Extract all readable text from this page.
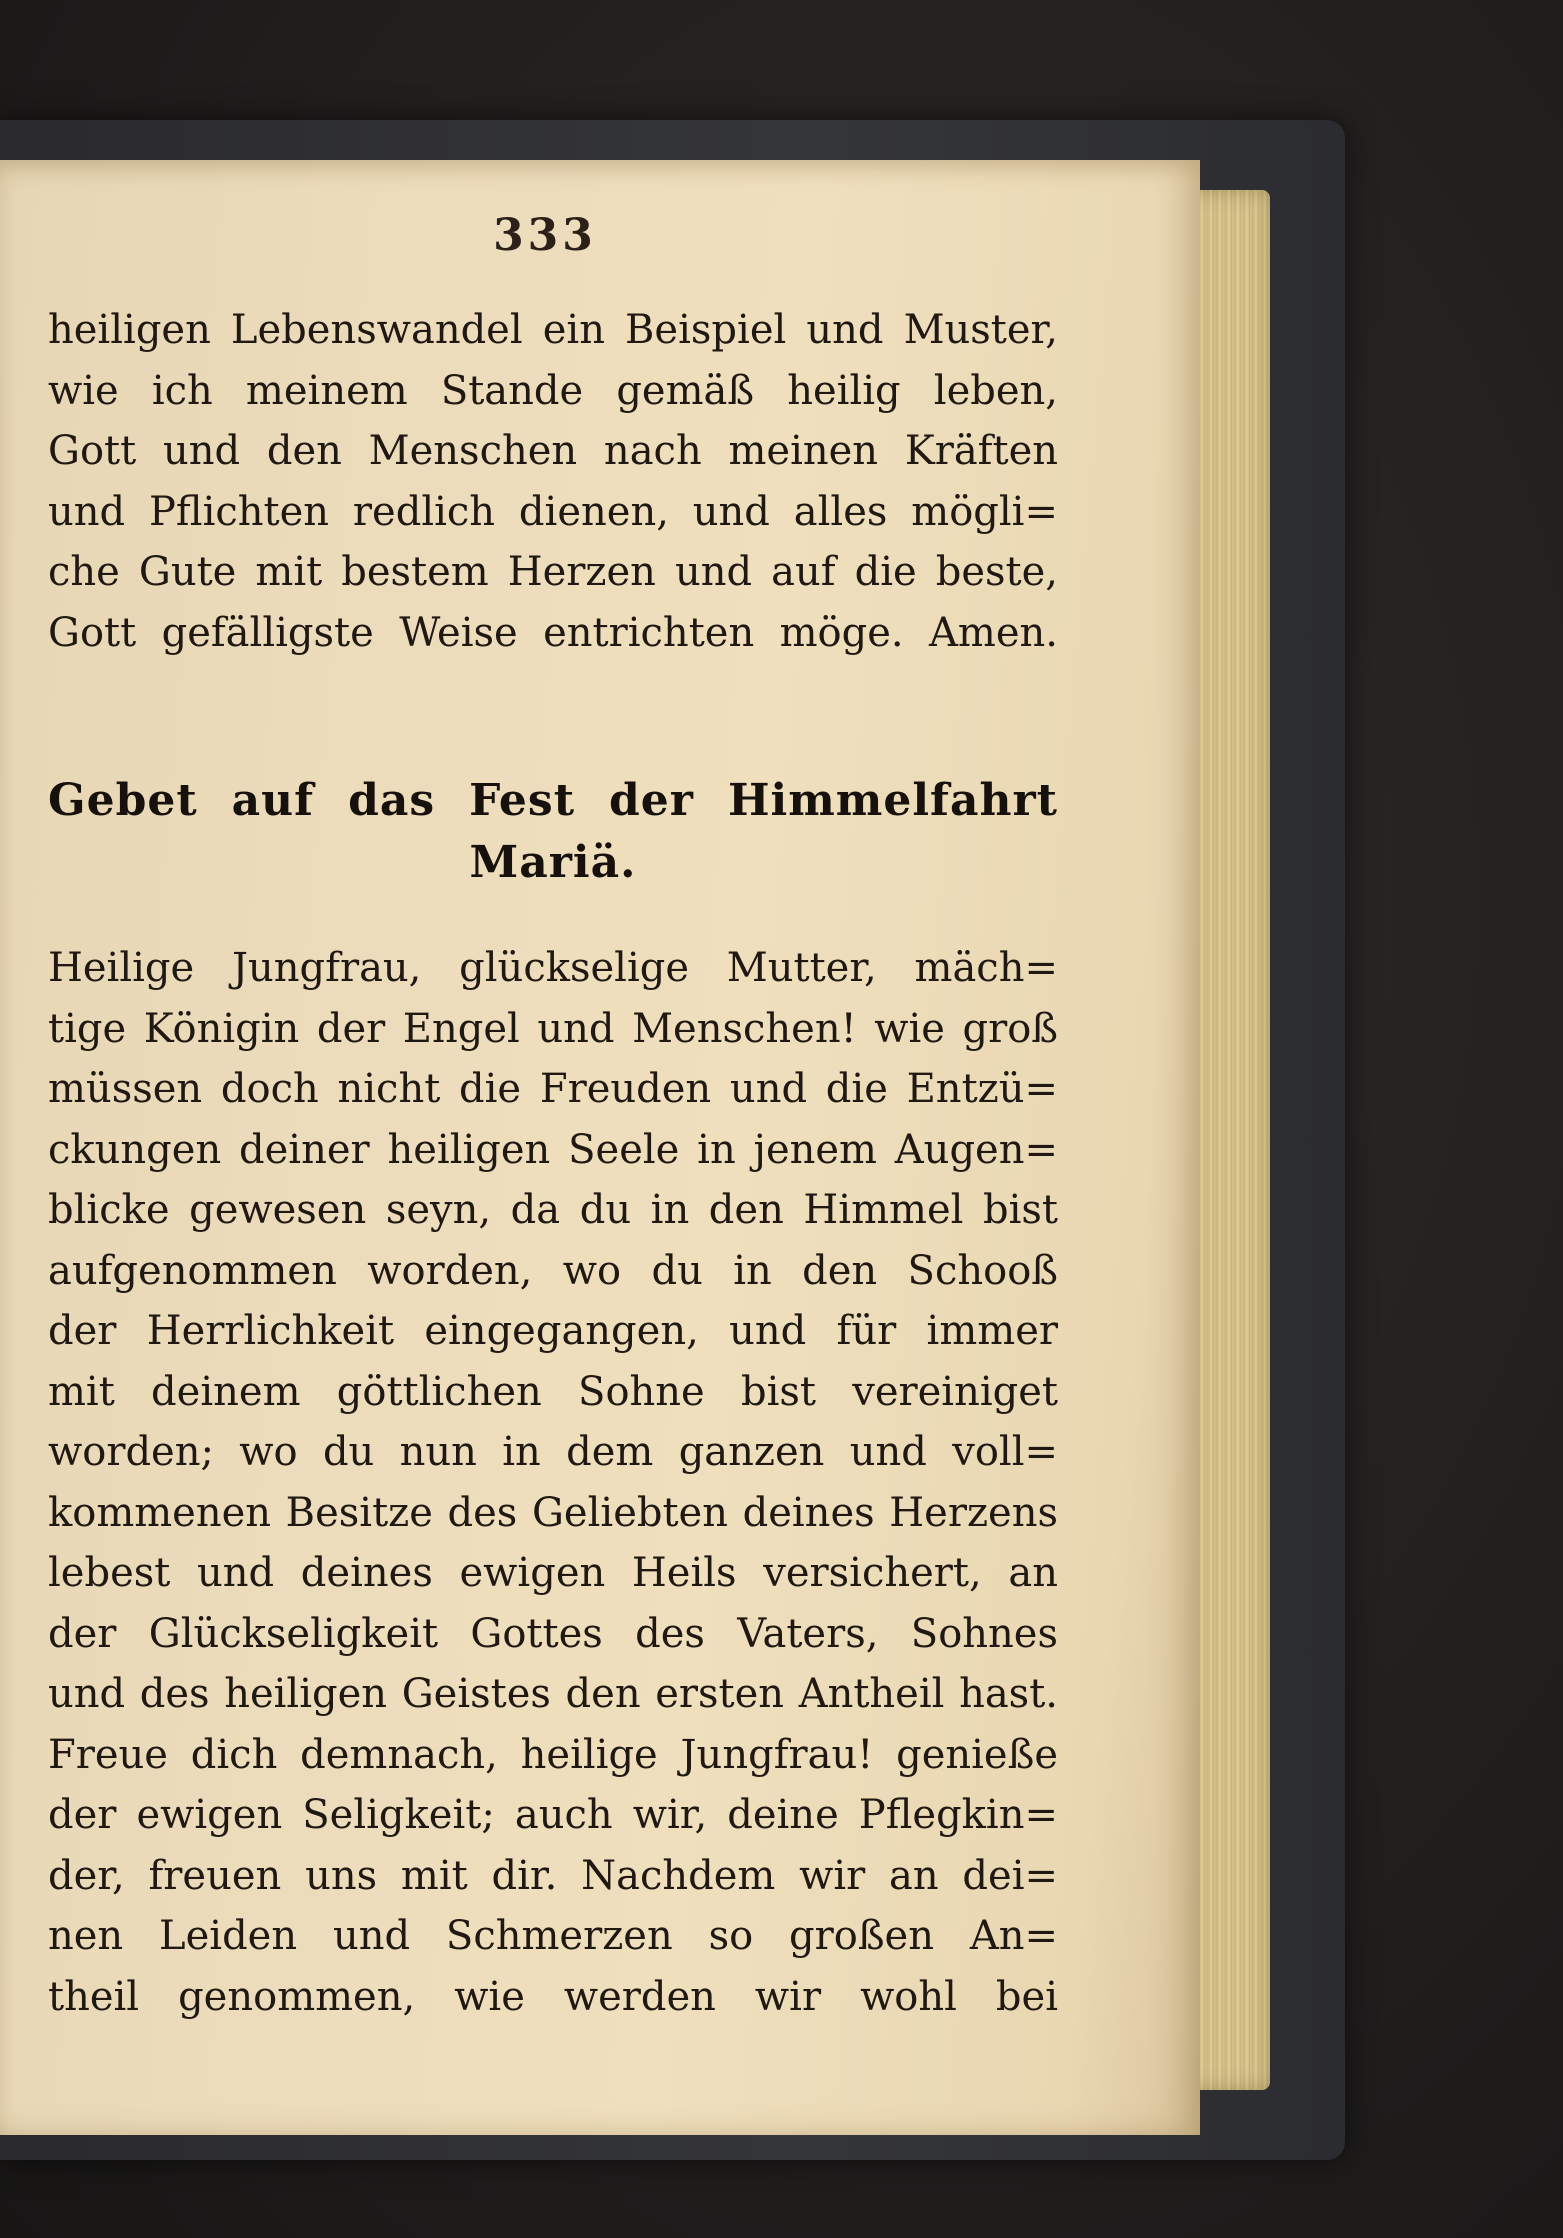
333
heiligen Lebenswandel ein Beispiel und Muster,
wie ich meinem Stande gemäß heilig leben,
Gott und den Menschen nach meinen Kräften
und Pflichten redlich dienen, und alles mögli=
che Gute mit bestem Herzen und auf die beste,
Gott gefälligste Weise entrichten möge. Amen.
Gebet auf das Fest der Himmelfahrt
Mariä.
Heilige Jungfrau, glückselige Mutter, mäch=
tige Königin der Engel und Menschen! wie groß
müssen doch nicht die Freuden und die Entzü=
ckungen deiner heiligen Seele in jenem Augen=
blicke gewesen seyn, da du in den Himmel bist
aufgenommen worden, wo du in den Schooß
der Herrlichkeit eingegangen, und für immer
mit deinem göttlichen Sohne bist vereiniget
worden; wo du nun in dem ganzen und voll=
kommenen Besitze des Geliebten deines Herzens
lebest und deines ewigen Heils versichert, an
der Glückseligkeit Gottes des Vaters, Sohnes
und des heiligen Geistes den ersten Antheil hast.
Freue dich demnach, heilige Jungfrau! genieße
der ewigen Seligkeit; auch wir, deine Pflegkin=
der, freuen uns mit dir. Nachdem wir an dei=
nen Leiden und Schmerzen so großen An=
theil genommen, wie werden wir wohl bei
